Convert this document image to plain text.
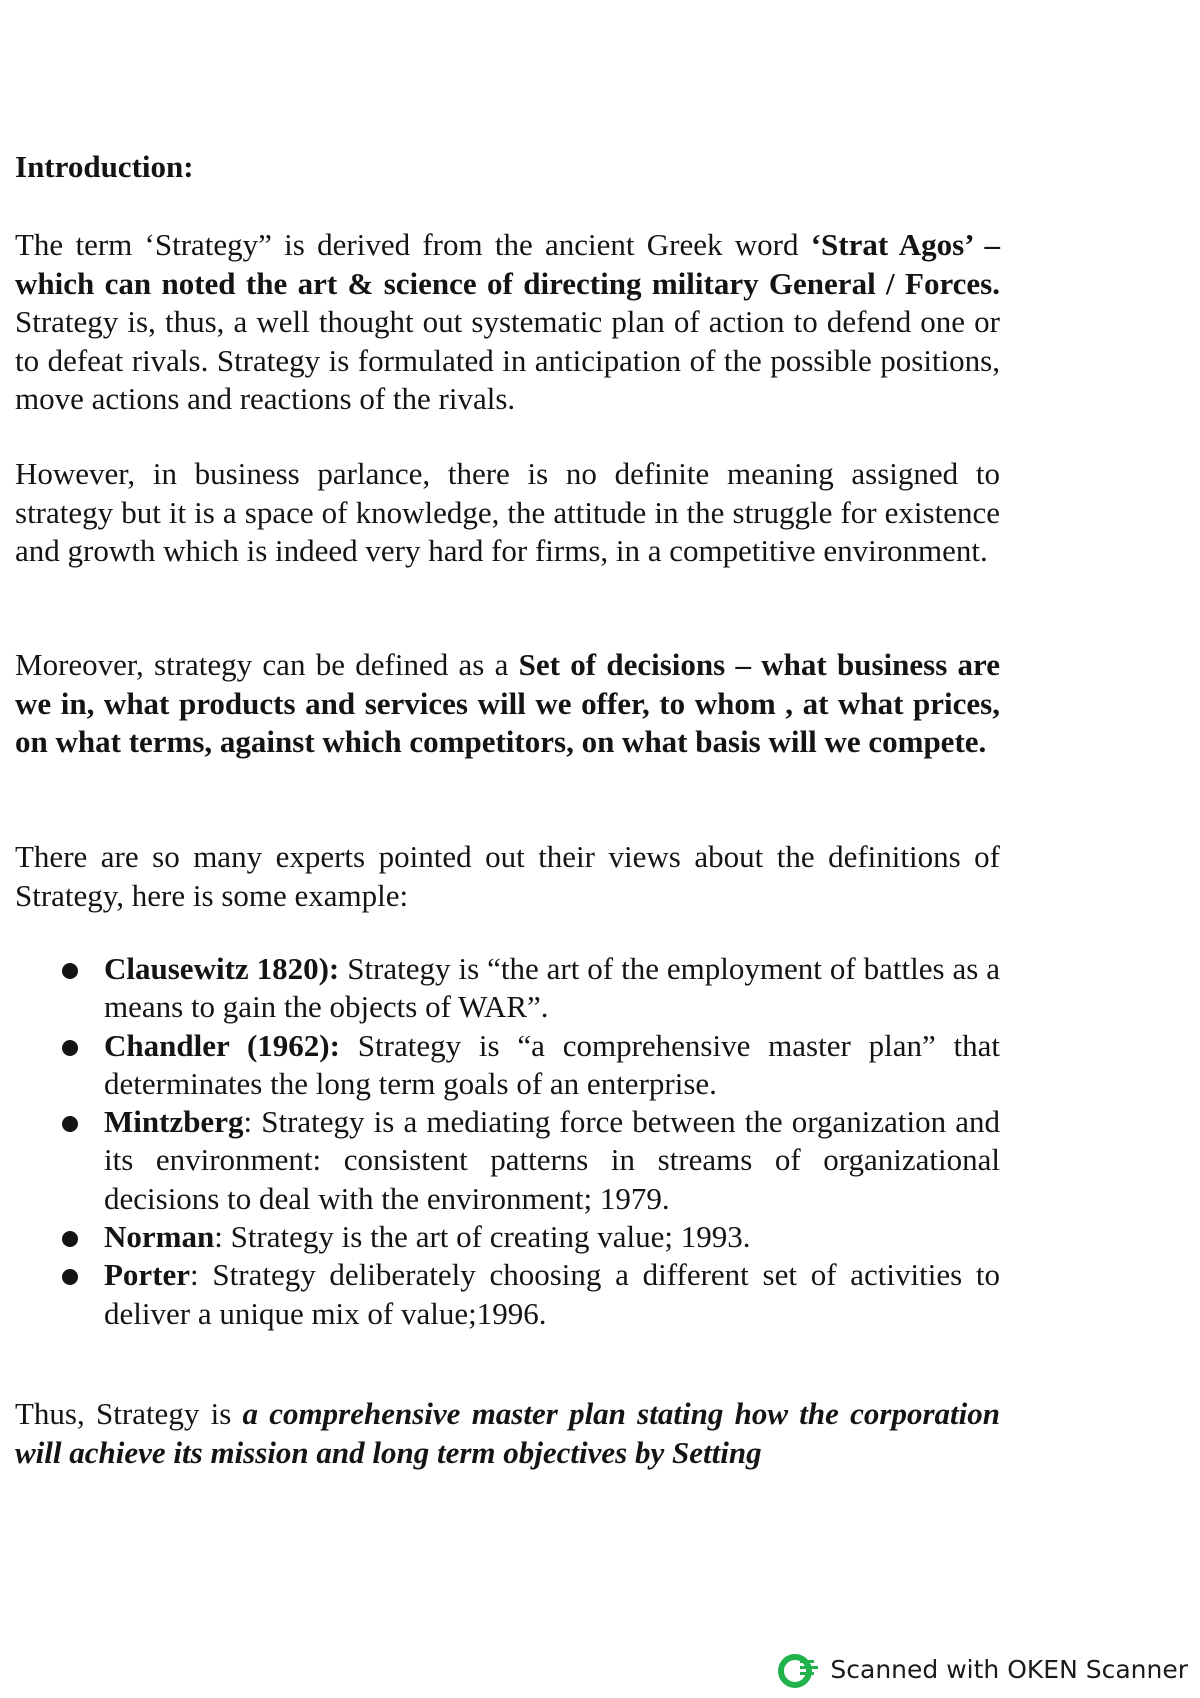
Introduction:

The term ‘Strategy” is derived from the ancient Greek word ‘Strat Agos’ –which can noted the art & science of directing military General / Forces. Strategy is, thus, a well thought out systematic plan of action to defend one or to defeat rivals. Strategy is formulated in anticipation of the possible positions, move actions and reactions of the rivals.

However, in business parlance, there is no definite meaning assigned to strategy but it is a space of knowledge, the attitude in the struggle for existence and growth which is indeed very hard for firms, in a competitive environment.

Moreover, strategy can be defined as a Set of decisions – what business are we in, what products and services will we offer, to whom , at what prices, on what terms, against which competitors, on what basis will we compete.

There are so many experts pointed out their views about the definitions of Strategy, here is some example:

Clausewitz 1820): Strategy is “the art of the employment of battles as a means to gain the objects of WAR”.
Chandler (1962): Strategy is “a comprehensive master plan” that determinates the long term goals of an enterprise.
Mintzberg: Strategy is a mediating force between the organization and its environment: consistent patterns in streams of organizational decisions to deal with the environment; 1979.
Norman: Strategy is the art of creating value; 1993.
Porter: Strategy deliberately choosing a different set of activities to deliver a unique mix of value;1996.

Thus, Strategy is a comprehensive master plan stating how the corporation will achieve its mission and long term objectives by Setting

Scanned with OKEN Scanner
